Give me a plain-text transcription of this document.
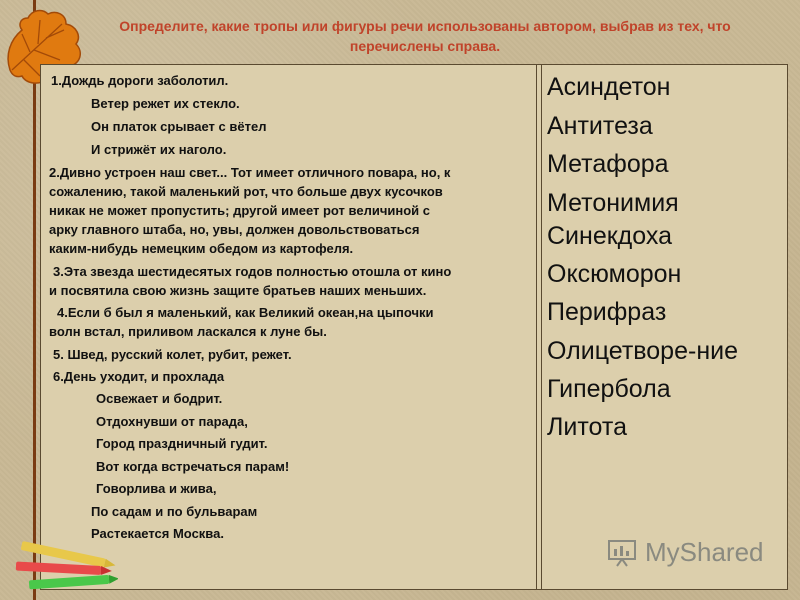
Определите, какие тропы или фигуры речи использованы автором, выбрав из тех, что
перечислены справа.
1.Дождь дороги заболотил.
Ветер режет их стекло.
Он платок срывает с вётел
И стрижёт их наголо.
2.Дивно устроен наш свет... Тот имеет отличного повара, но, к
сожалению, такой маленький рот, что больше двух кусочков
никак не может пропустить; другой имеет рот величиной с
арку главного штаба, но, увы, должен довольствоваться
каким-нибудь немецким обедом из картофеля.
3.Эта звезда шестидесятых годов полностью отошла от кино
и посвятила свою жизнь защите братьев наших меньших.
4.Если б был я маленький, как Великий океан,на цыпочки
волн встал, приливом ласкался к луне бы.
5. Швед, русский колет, рубит, режет.
6.День уходит, и прохлада
Освежает и бодрит.
Отдохнувши от парада,
Город праздничный гудит.
Вот когда встречаться парам!
Говорлива и жива,
По садам и по бульварам
Растекается Москва.
Асиндетон
Антитеза
Метафора
Метонимия
Синекдоха
Оксюморон
Перифраз
Олицетворе-ние
Гипербола
Литота
MyShared
